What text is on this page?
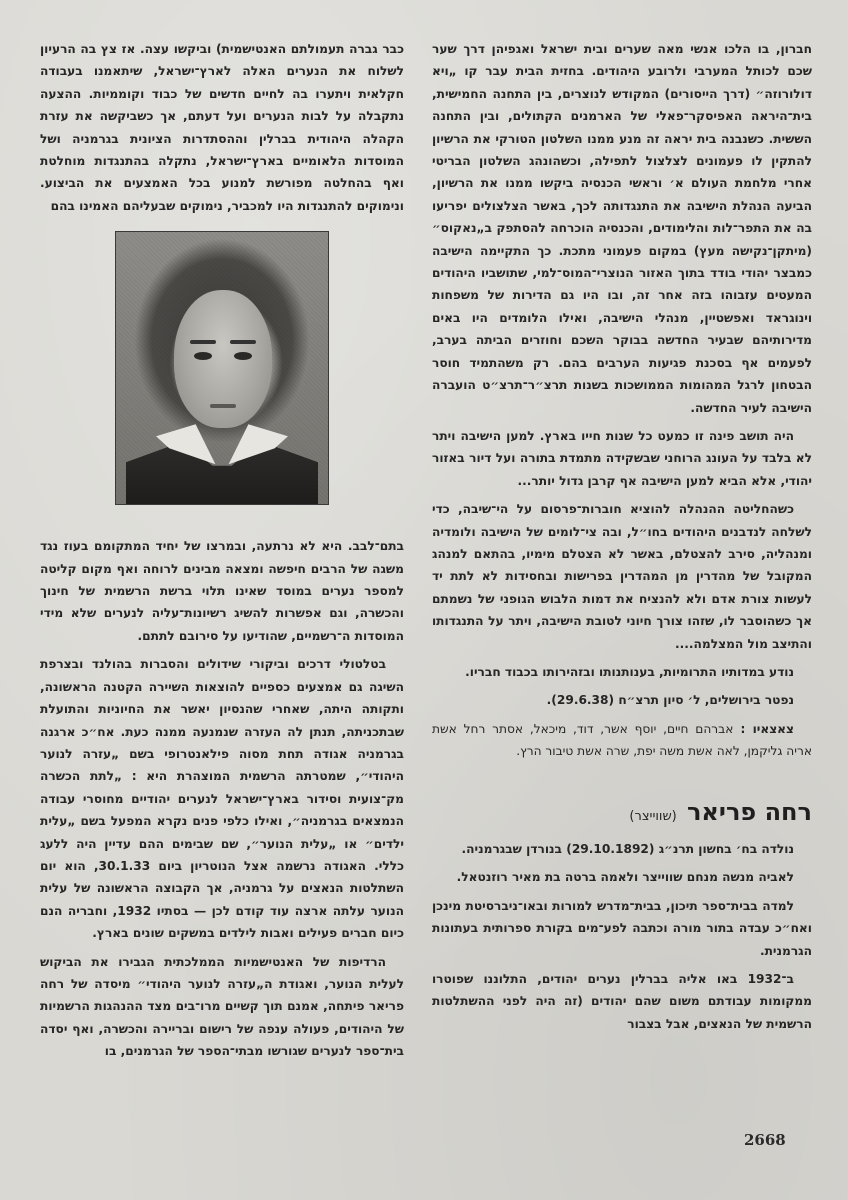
חברון, בו הלכו אנשי מאה שערים ובית ישראל ואגפיהן דרך שער שכם לכותל המערבי ולרובע היהודים. בחזית הבית עבר קו „ויא דולורוזה״ (דרך הייסורים) המקודש לנוצרים, בין התחנה החמישית, בית־היראה האפיסקר־פאלי של הארמנים הקתולים, ובין התחנה הששית. כשנבנה בית יראה זה מנע ממנו השלטון הטורקי את הרשיון להתקין לו פעמונים לצלצול לתפילה, וכשהונהג השלטון הבריטי אחרי מלחמת העולם א׳ וראשי הכנסיה ביקשו ממנו את הרשיון, הביעה הנהלת הישיבה את התנגדותה לכך, באשר הצלצולים יפריעו בה את התפר־לות והלימודים, והכנסיה הוכרחה להסתפק ב„נאקוס״ (מיתקן־נקישה מעץ) במקום פעמוני מתכת. כך התקיימה הישיבה כמבצר יהודי בודד בתוך האזור הנוצרי־המוס־למי, שתושביו היהודים המעטים עזבוהו בזה אחר זה, ובו היו גם הדירות של משפחות וינוגראד ואפשטיין, מנהלי הישיבה, ואילו הלומדים היו באים מדירותיהם שבעיר החדשה בבוקר השכם וחוזרים הביתה בערב, לפעמים אף בסכנת פגיעות הערבים בהם. רק משהתמיד חוסר הבטחון לרגל המהומות הממושכות בשנות תרצ״ר־תרצ״ט הועברה הישיבה לעיר החדשה.

היה תושב פינה זו כמעט כל שנות חייו בארץ. למען הישיבה ויתר לא בלבד על העונג הרוחני שבשקידה מתמדת בתורה ועל דיור באזור יהודי, אלא הביא למען הישיבה אף קרבן גדול יותר...

כשהחליטה ההנהלה להוציא חוברות־פרסום על הי־שיבה, כדי לשלחה לנדבנים היהודים בחו״ל, ובה צי־לומים של הישיבה ולומדיה ומנהליה, סירב להצטלם, באשר לא הצטלם מימיו, בהתאם למנהג המקובל של מהדרין מן המהדרין בפרישות ובחסידות לא לתת יד לעשות צורת אדם ולא להנציח את דמות הלבוש הגופני של נשמתם אך כשהוסבר לו, שזהו צורך חיוני לטובת הישיבה, ויתר על התנגדותו והתיצב מול המצלמה....

נודע במדותיו התרומיות, בענותנותו ובזהירותו בכבוד חבריו.

נפטר בירושלים, ל׳ סיון תרצ״ח (29.6.38).

צאצאיו : אברהם חיים, יוסף אשר, דוד, מיכאל, אסתר רחל אשת אריה גליקמן, לאה אשת משה יפת, שרה אשת טיבור הרץ.

רחה פריאר (שווייצר)

נולדה בח׳ בחשון תרנ״ג (29.10.1892) בנורדן שבגרמניה.

לאביה מנשה מנחם שווייצר ולאמה ברטה בת מאיר רוזנטאל.

למדה בבית־ספר תיכון, בבית־מדרש למורות ובאו־ניברסיטת מינכן ואח״כ עבדה בתור מורה וכתבה לפע־מים בקורת ספרותית בעתונות הגרמנית.

ב־1932 באו אליה בברלין נערים יהודים, התלוננו שפוטרו ממקומות עבודתם משום שהם יהודים (זה היה לפני ההשתלטות הרשמית של הנאצים, אבל בצבור

כבר גברה תעמולתם האנטישמית) וביקשו עצה. אז צץ בה הרעיון לשלוח את הנערים האלה לארץ־ישראל, שיתאמנו בעבודה חקלאית ויתערו בה לחיים חדשים של כבוד וקוממיות. ההצעה נתקבלה על לבות הנערים ועל דעתם, אך כשביקשה את עזרת הקהלה היהודית בברלין וההסתדרות הציונית בגרמניה ושל המוסדות הלאומיים בארץ־ישראל, נתקלה בהתנגדות מוחלטת ואף בהחלטה מפורשת למנוע בכל האמצעים את הביצוע. ונימוקים להתנגדות היו למכביר, נימוקים שבעליהם האמינו בהם

בתם־לבב. היא לא נרתעה, ובמרצו של יחיד המתקומם בעוז נגד משגה של הרבים חיפשה ומצאה מבינים לרוחה ואף מקום קליטה למספר נערים במוסד שאינו תלוי ברשת הרשמית של חינוך והכשרה, וגם אפשרות להשיג רשיונות־עליה לנערים שלא מידי המוסדות ה־רשמיים, שהודיעו על סירובם לתתם.

בטלטולי דרכים וביקורי שידולים והסברות בהולנד ובצרפת השיגה גם אמצעים כספיים להוצאות השיירה הקטנה הראשונה, ותקותה היתה, שאחרי שהנסיון יאשר את החיוניות והתועלת שבתכניתה, תנתן לה העזרה שנמנעה ממנה כעת. אח״כ ארגנה בגרמניה אגודה תחת מסוה פילאנטרופי בשם „עזרה לנוער היהודי״, שמטרתה הרשמית המוצהרת היא : „לתת הכשרה מק־צועית וסידור בארץ־ישראל לנערים יהודיים מחוסרי עבודה הנמצאים בגרמניה״, ואילו כלפי פנים נקרא המפעל בשם „עלית ילדים״ או „עלית הנוער״, שם שבימים ההם עדיין היה ללעג כללי. האגודה נרשמה אצל הנוטריון ביום 30.1.33, הוא יום השתלטות הנאצים על גרמניה, אך הקבוצה הראשונה של עלית הנוער עלתה ארצה עוד קודם לכן — בסתיו 1932, וחבריה הנם כיום חברים פעילים ואבות לילדים במשקים שונים בארץ.

הרדיפות של האנטישמיות הממלכתית הגבירו את הביקוש לעלית הנוער, ואגודת ה„עזרה לנוער היהודי״ מיסדה של רחה פריאר פיתחה, אמנם תוך קשיים מרו־בים מצד ההנהגות הרשמיות של היהודים, פעולה ענפה של רישום ובריירה והכשרה, ואף יסדה בית־ספר לנערים שגורשו מבתי־הספר של הגרמנים, בו

2668
